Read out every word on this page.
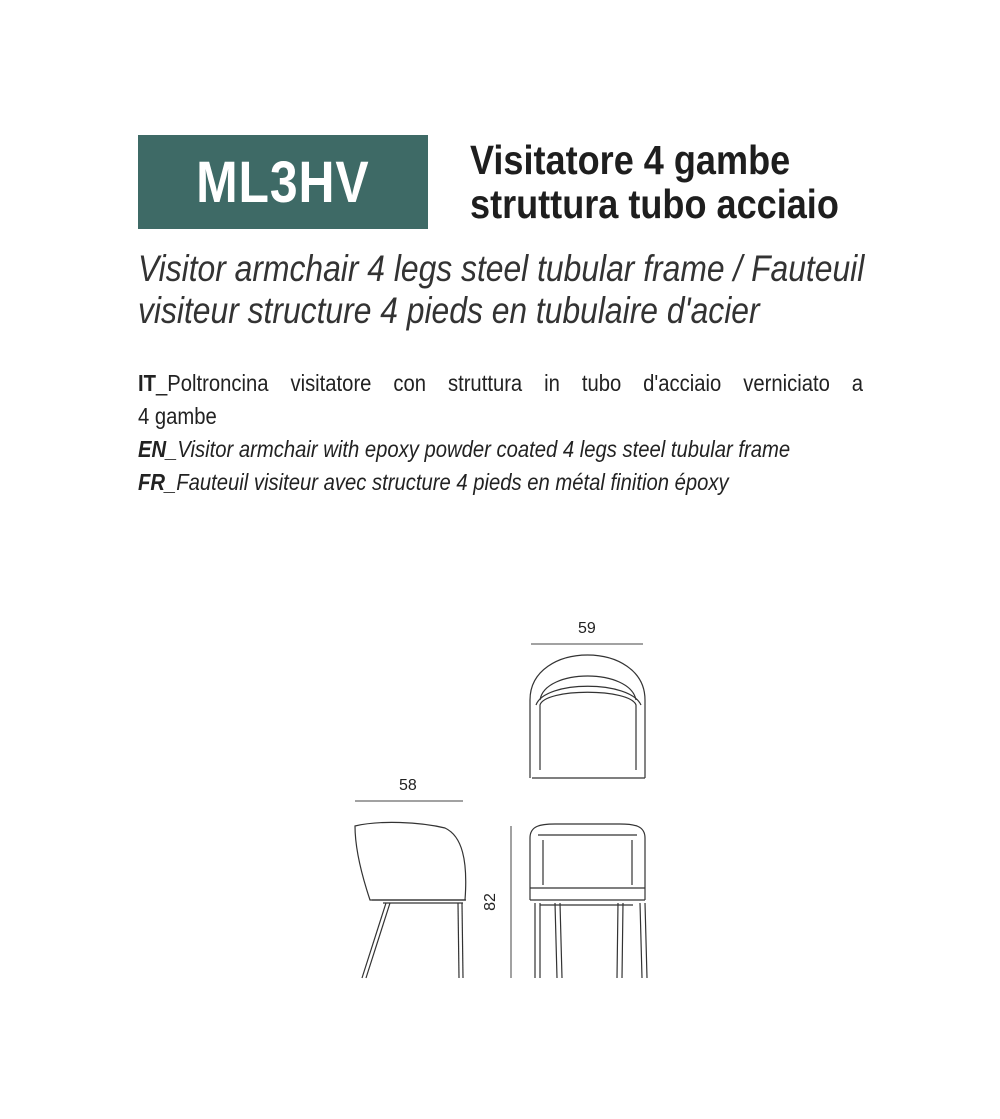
ML3HV Visitatore 4 gambe
struttura tubo acciaio
Visitor armchair 4 legs steel tubular frame / Fauteuil
visiteur structure 4 pieds en tubulaire d'acier
IT_Poltroncina visitatore con struttura in tubo d'acciaio verniciato a
4 gambe
EN_Visitor armchair with epoxy powder coated 4 legs steel tubular frame
FR_Fauteuil visiteur avec structure 4 pieds en métal finition époxy
59
58
82
